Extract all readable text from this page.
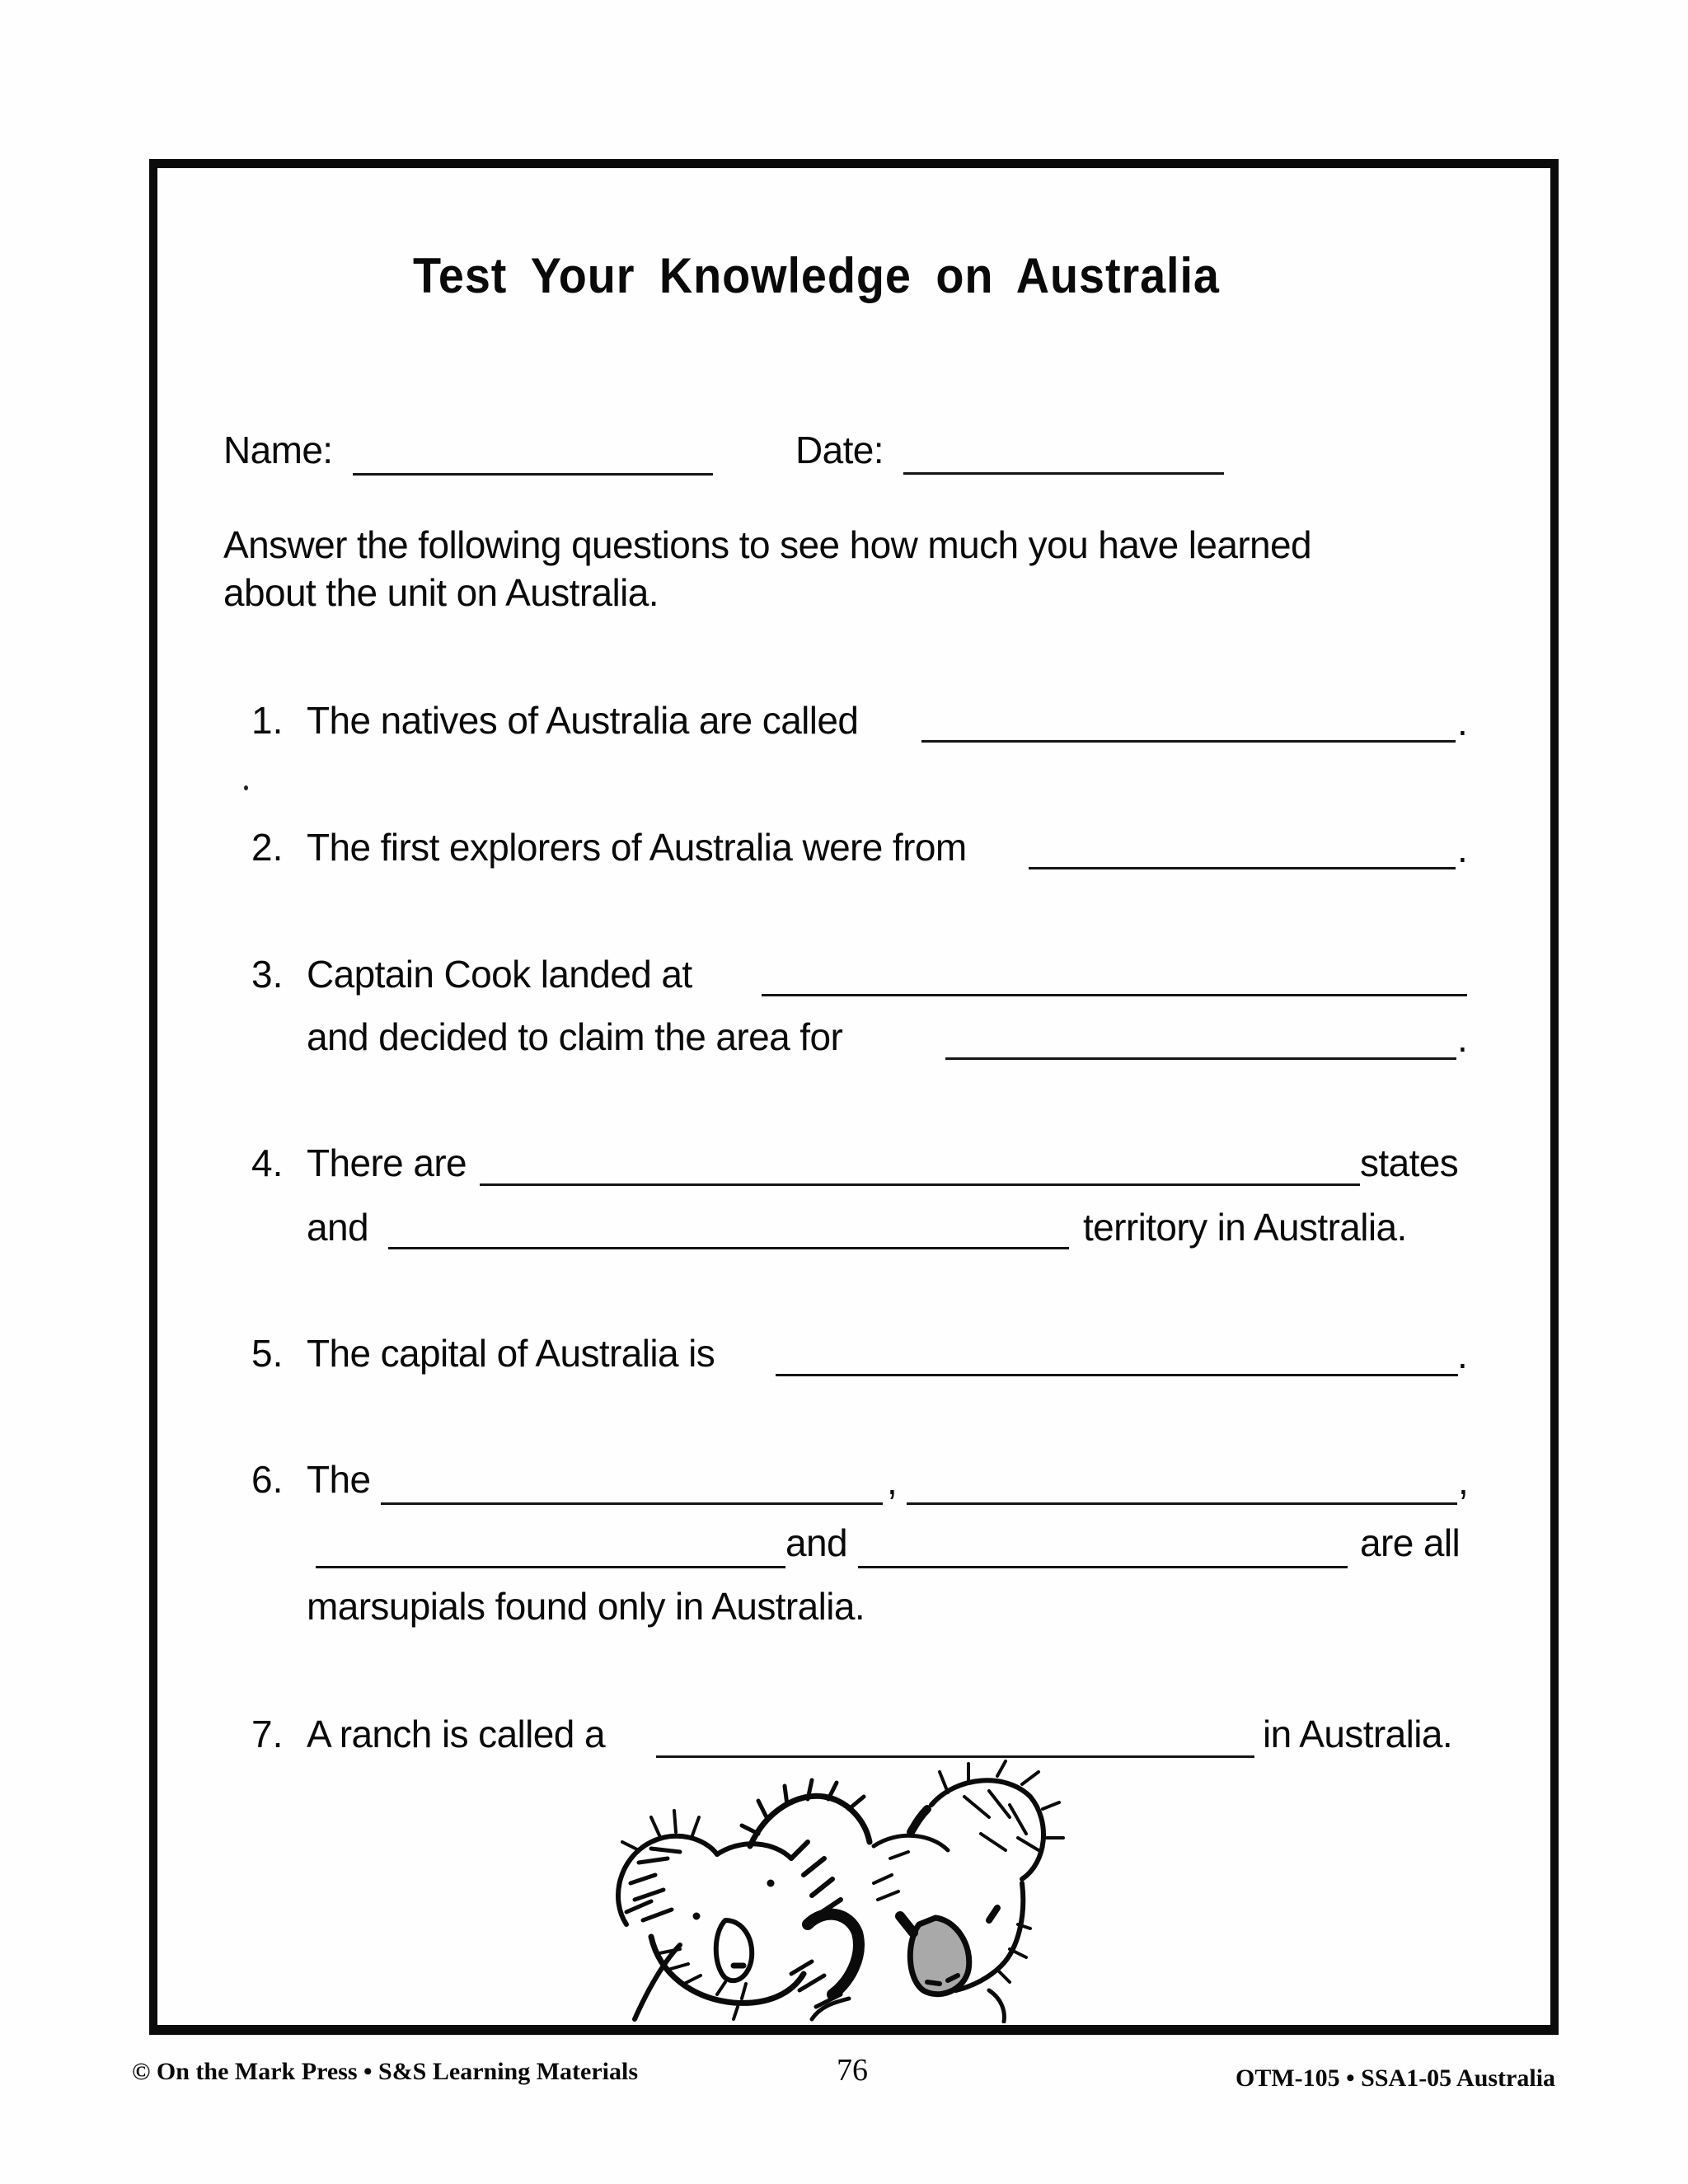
Test Your Knowledge on Australia
Name:	Date:
Answer the following questions to see how much you have learned
about the unit on Australia.
1. The natives of Australia are called	.
2. The first explorers of Australia were from	.
3. Captain Cook landed at
and decided to claim the area for	.
4. There are	states
and	territory in Australia.
5. The capital of Australia is	.
6. The	,	,
and	are all
marsupials found only in Australia.
7. A ranch is called a	in Australia.
© On the Mark Press • S&S Learning Materials	76	OTM-105 • SSA1-05 Australia
